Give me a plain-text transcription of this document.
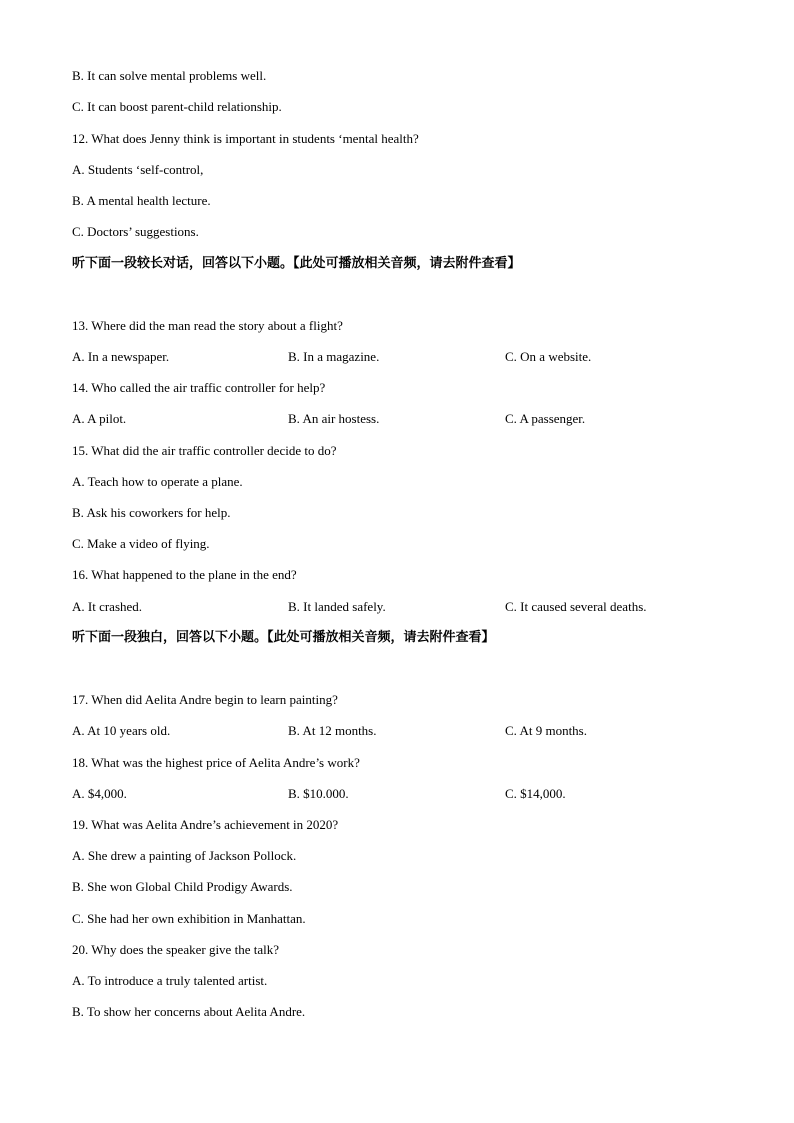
B. It can solve mental problems well.
C. It can boost parent-child relationship.
12. What does Jenny think is important in students ‘mental health?
A. Students ‘self-control,
B. A mental health lecture.
C. Doctors’ suggestions.
听下面一段较长对话，回答以下小题。【此处可播放相关音频，请去附件查看】
13. Where did the man read the story about a flight?
A. In a newspaper.	B. In a magazine.	C. On a website.
14. Who called the air traffic controller for help?
A. A pilot.	B. An air hostess.	C. A passenger.
15. What did the air traffic controller decide to do?
A. Teach how to operate a plane.
B. Ask his coworkers for help.
C. Make a video of flying.
16. What happened to the plane in the end?
A. It crashed.	B. It landed safely.	C. It caused several deaths.
听下面一段独白，回答以下小题。【此处可播放相关音频，请去附件查看】
17. When did Aelita Andre begin to learn painting?
A. At 10 years old.	B. At 12 months.	C. At 9 months.
18. What was the highest price of Aelita Andre’s work?
A. $4,000.	B. $10.000.	C. $14,000.
19. What was Aelita Andre’s achievement in 2020?
A. She drew a painting of Jackson Pollock.
B. She won Global Child Prodigy Awards.
C. She had her own exhibition in Manhattan.
20. Why does the speaker give the talk?
A. To introduce a truly talented artist.
B. To show her concerns about Aelita Andre.
